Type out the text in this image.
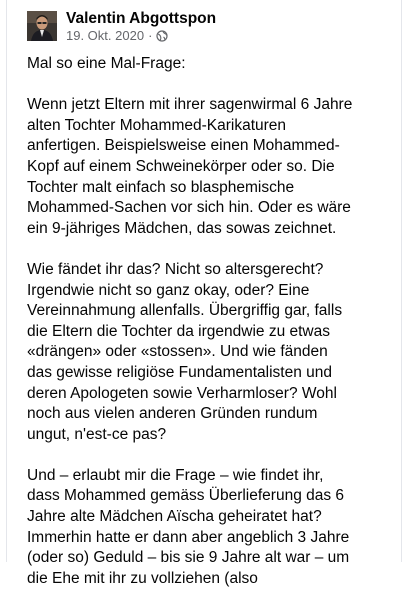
Valentin Abgottspon
19. Okt. 2020 ·

Mal so eine Mal-Frage:

Wenn jetzt Eltern mit ihrer sagenwirmal 6 Jahre
alten Tochter Mohammed-Karikaturen
anfertigen. Beispielsweise einen Mohammed-
Kopf auf einem Schweinekörper oder so. Die
Tochter malt einfach so blasphemische
Mohammed-Sachen vor sich hin. Oder es wäre
ein 9-jähriges Mädchen, das sowas zeichnet.

Wie fändet ihr das? Nicht so altersgerecht?
Irgendwie nicht so ganz okay, oder? Eine
Vereinnahmung allenfalls. Übergriffig gar, falls
die Eltern die Tochter da irgendwie zu etwas
«drängen» oder «stossen». Und wie fänden
das gewisse religiöse Fundamentalisten und
deren Apologeten sowie Verharmloser? Wohl
noch aus vielen anderen Gründen rundum
ungut, n'est-ce pas?

Und – erlaubt mir die Frage – wie findet ihr,
dass Mohammed gemäss Überlieferung das 6
Jahre alte Mädchen Aïscha geheiratet hat?
Immerhin hatte er dann aber angeblich 3 Jahre
(oder so) Geduld – bis sie 9 Jahre alt war – um
die Ehe mit ihr zu vollziehen (also
